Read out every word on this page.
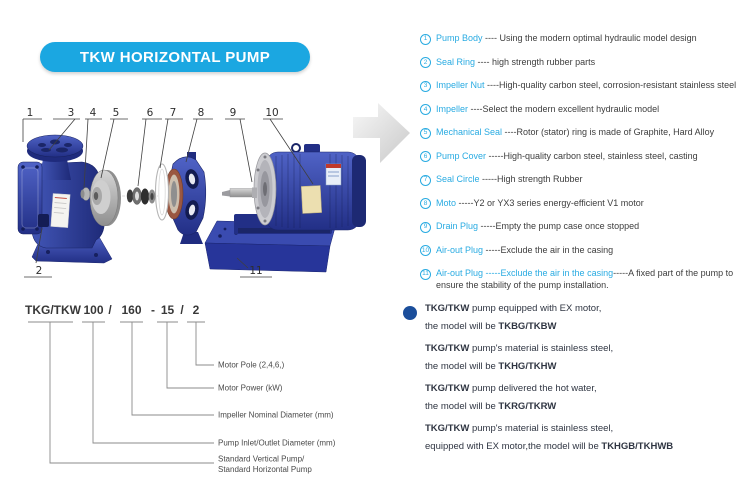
TKW HORIZONTAL PUMP
1	3 4 5	6 7 8 9	10
2	11
1 Pump Body ---- Using the modern optimal hydraulic model design
2 Seal Ring ---- high strength rubber parts
3 Impeller Nut ----High-quality carbon steel, corrosion-resistant stainless steel
4 Impeller ----Select the modern excellent hydraulic model
5 Mechanical Seal ----Rotor (stator) ring is made of Graphite, Hard Alloy
6 Pump Cover -----High-quality carbon steel, stainless steel, casting
7 Seal Circle -----High strength Rubber
8 Moto -----Y2 or YX3 series energy-efficient V1 motor
9 Drain Plug -----Empty the pump case once stopped
10 Air-out Plug -----Exclude the air in the casing
11 Air-out Plug -----Exclude the air in the casing-----A fixed part of the pump to ensure the stability of the pump installation.
TKG/TKW 100 / 160 - 15 / 2
Motor Pole (2,4,6,)
Motor Power (kW)
Impeller Nominal Diameter (mm)
Pump Inlet/Outlet Diameter (mm)
Standard Vertical Pump/
Standard Horizontal Pump
TKG/TKW pump equipped with EX motor,
the model will be TKBG/TKBW
TKG/TKW pump's material is stainless steel,
the model will be TKHG/TKHW
TKG/TKW pump delivered the hot water,
the model will be TKRG/TKRW
TKG/TKW pump's material is stainless steel,
equipped with EX motor,the model will be TKHGB/TKHWB
